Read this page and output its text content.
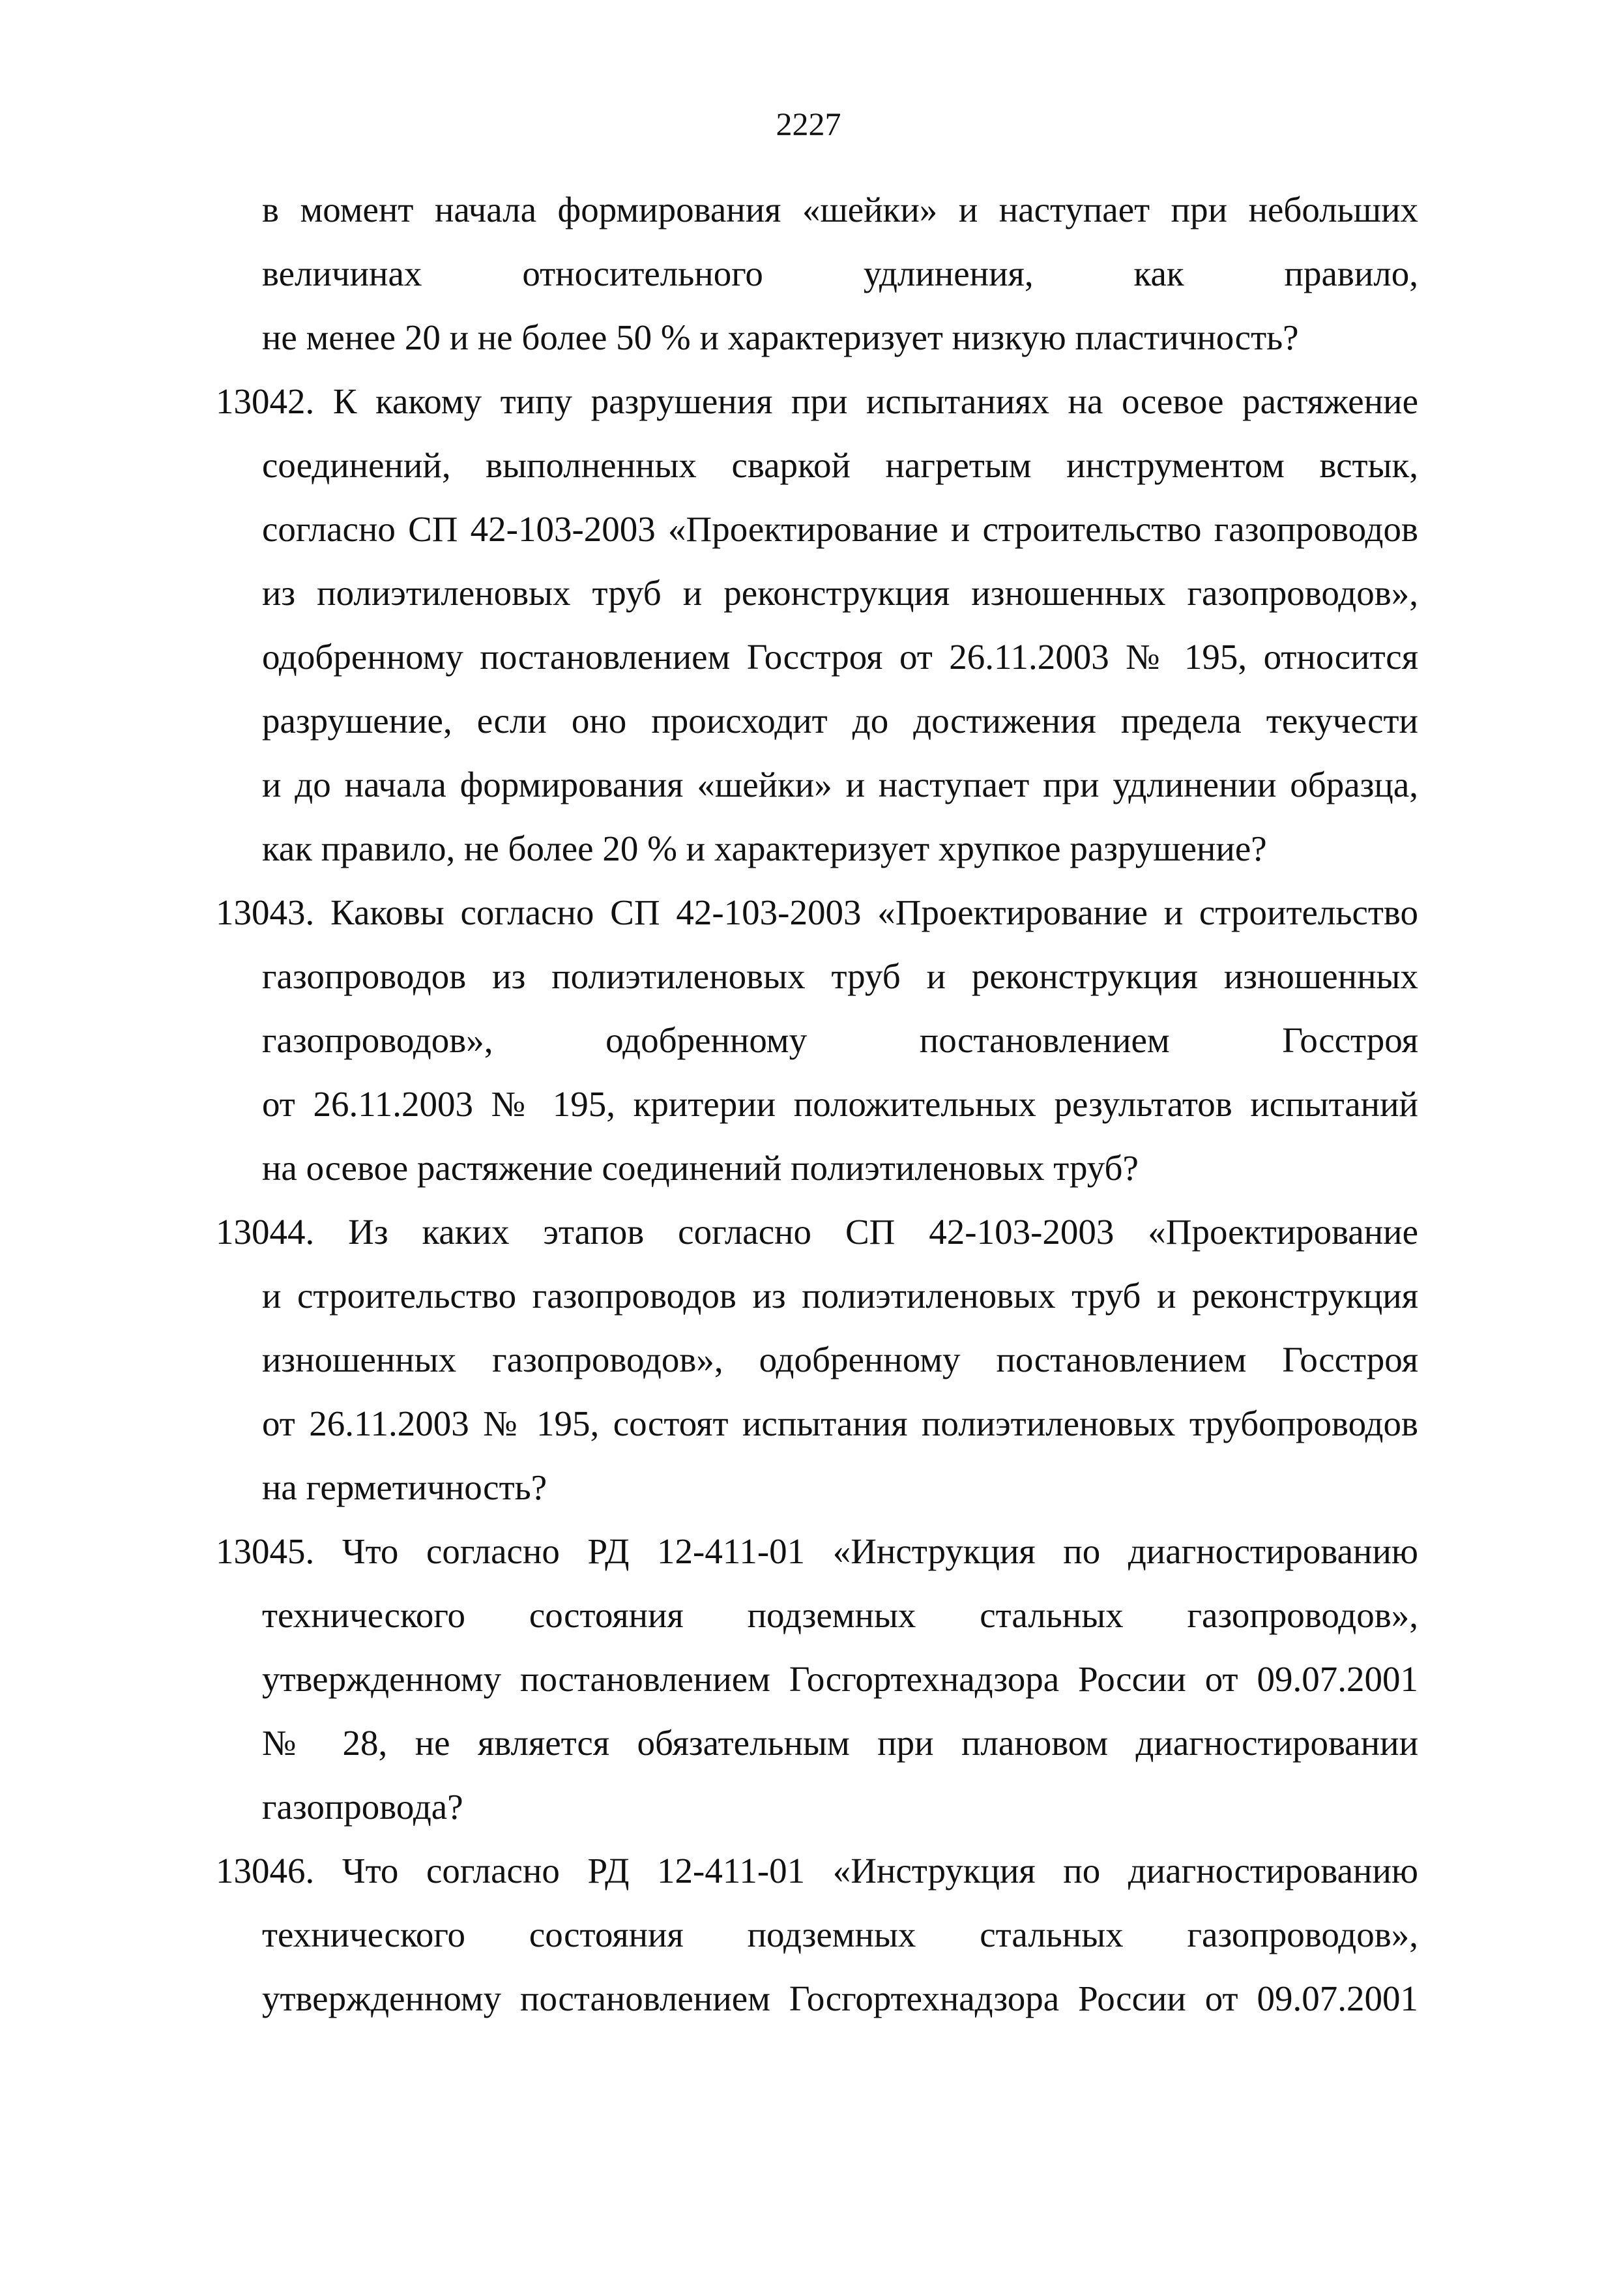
2227
в момент начала формирования «шейки» и наступает при небольших
величинах относительного удлинения, как правило,
не менее 20 и не более 50 % и характеризует низкую пластичность?
13042. К какому типу разрушения при испытаниях на осевое растяжение
соединений, выполненных сваркой нагретым инструментом встык,
согласно СП 42-103-2003 «Проектирование и строительство газопроводов
из полиэтиленовых труб и реконструкция изношенных газопроводов»,
одобренному постановлением Госстроя от 26.11.2003 № 195, относится
разрушение, если оно происходит до достижения предела текучести
и до начала формирования «шейки» и наступает при удлинении образца,
как правило, не более 20 % и характеризует хрупкое разрушение?
13043. Каковы согласно СП 42-103-2003 «Проектирование и строительство
газопроводов из полиэтиленовых труб и реконструкция изношенных
газопроводов», одобренному постановлением Госстроя
от 26.11.2003 № 195, критерии положительных результатов испытаний
на осевое растяжение соединений полиэтиленовых труб?
13044. Из каких этапов согласно СП 42-103-2003 «Проектирование
и строительство газопроводов из полиэтиленовых труб и реконструкция
изношенных газопроводов», одобренному постановлением Госстроя
от 26.11.2003 № 195, состоят испытания полиэтиленовых трубопроводов
на герметичность?
13045. Что согласно РД 12-411-01 «Инструкция по диагностированию
технического состояния подземных стальных газопроводов»,
утвержденному постановлением Госгортехнадзора России от 09.07.2001
№ 28, не является обязательным при плановом диагностировании
газопровода?
13046. Что согласно РД 12-411-01 «Инструкция по диагностированию
технического состояния подземных стальных газопроводов»,
утвержденному постановлением Госгортехнадзора России от 09.07.2001
